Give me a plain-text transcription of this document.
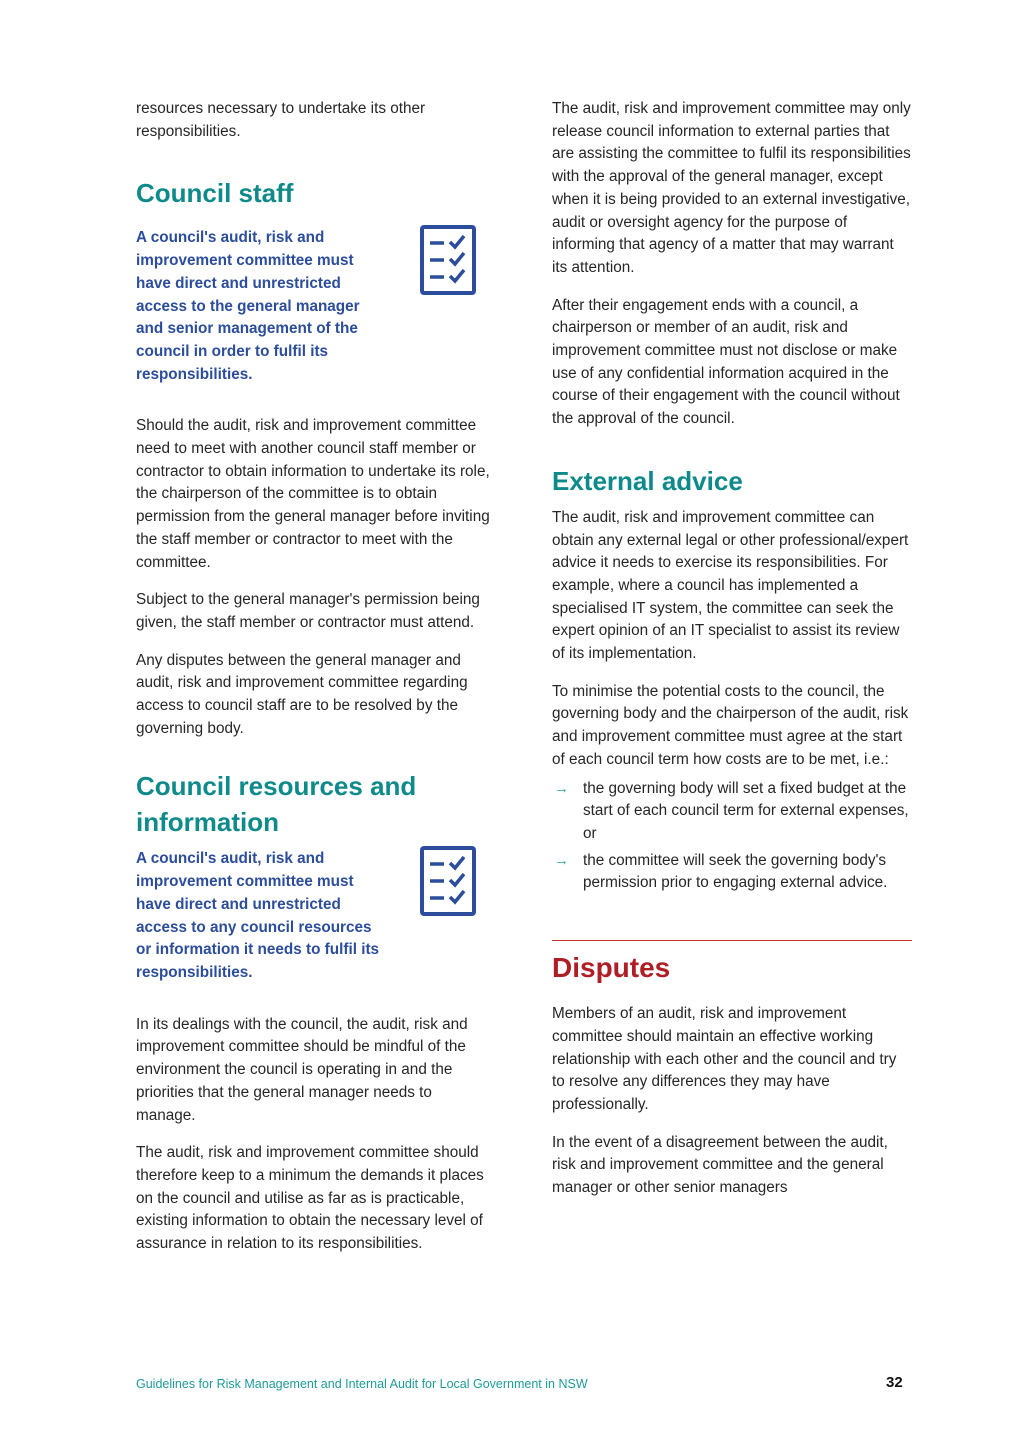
resources necessary to undertake its other responsibilities.

Council staff

A council's audit, risk and improvement committee must have direct and unrestricted access to the general manager and senior management of the council in order to fulfil its responsibilities.

Should the audit, risk and improvement committee need to meet with another council staff member or contractor to obtain information to undertake its role, the chairperson of the committee is to obtain permission from the general manager before inviting the staff member or contractor to meet with the committee.

Subject to the general manager's permission being given, the staff member or contractor must attend.

Any disputes between the general manager and audit, risk and improvement committee regarding access to council staff are to be resolved by the governing body.

Council resources and information

A council's audit, risk and improvement committee must have direct and unrestricted access to any council resources or information it needs to fulfil its responsibilities.

In its dealings with the council, the audit, risk and improvement committee should be mindful of the environment the council is operating in and the priorities that the general manager needs to manage.

The audit, risk and improvement committee should therefore keep to a minimum the demands it places on the council and utilise as far as is practicable, existing information to obtain the necessary level of assurance in relation to its responsibilities.

The audit, risk and improvement committee may only release council information to external parties that are assisting the committee to fulfil its responsibilities with the approval of the general manager, except when it is being provided to an external investigative, audit or oversight agency for the purpose of informing that agency of a matter that may warrant its attention.

After their engagement ends with a council, a chairperson or member of an audit, risk and improvement committee must not disclose or make use of any confidential information acquired in the course of their engagement with the council without the approval of the council.

External advice

The audit, risk and improvement committee can obtain any external legal or other professional/expert advice it needs to exercise its responsibilities. For example, where a council has implemented a specialised IT system, the committee can seek the expert opinion of an IT specialist to assist its review of its implementation.

To minimise the potential costs to the council, the governing body and the chairperson of the audit, risk and improvement committee must agree at the start of each council term how costs are to be met, i.e.:

→ the governing body will set a fixed budget at the start of each council term for external expenses, or
→ the committee will seek the governing body's permission prior to engaging external advice.
Disputes

Members of an audit, risk and improvement committee should maintain an effective working relationship with each other and the council and try to resolve any differences they may have professionally.

In the event of a disagreement between the audit, risk and improvement committee and the general manager or other senior managers

Guidelines for Risk Management and Internal Audit for Local Government in NSW	32
